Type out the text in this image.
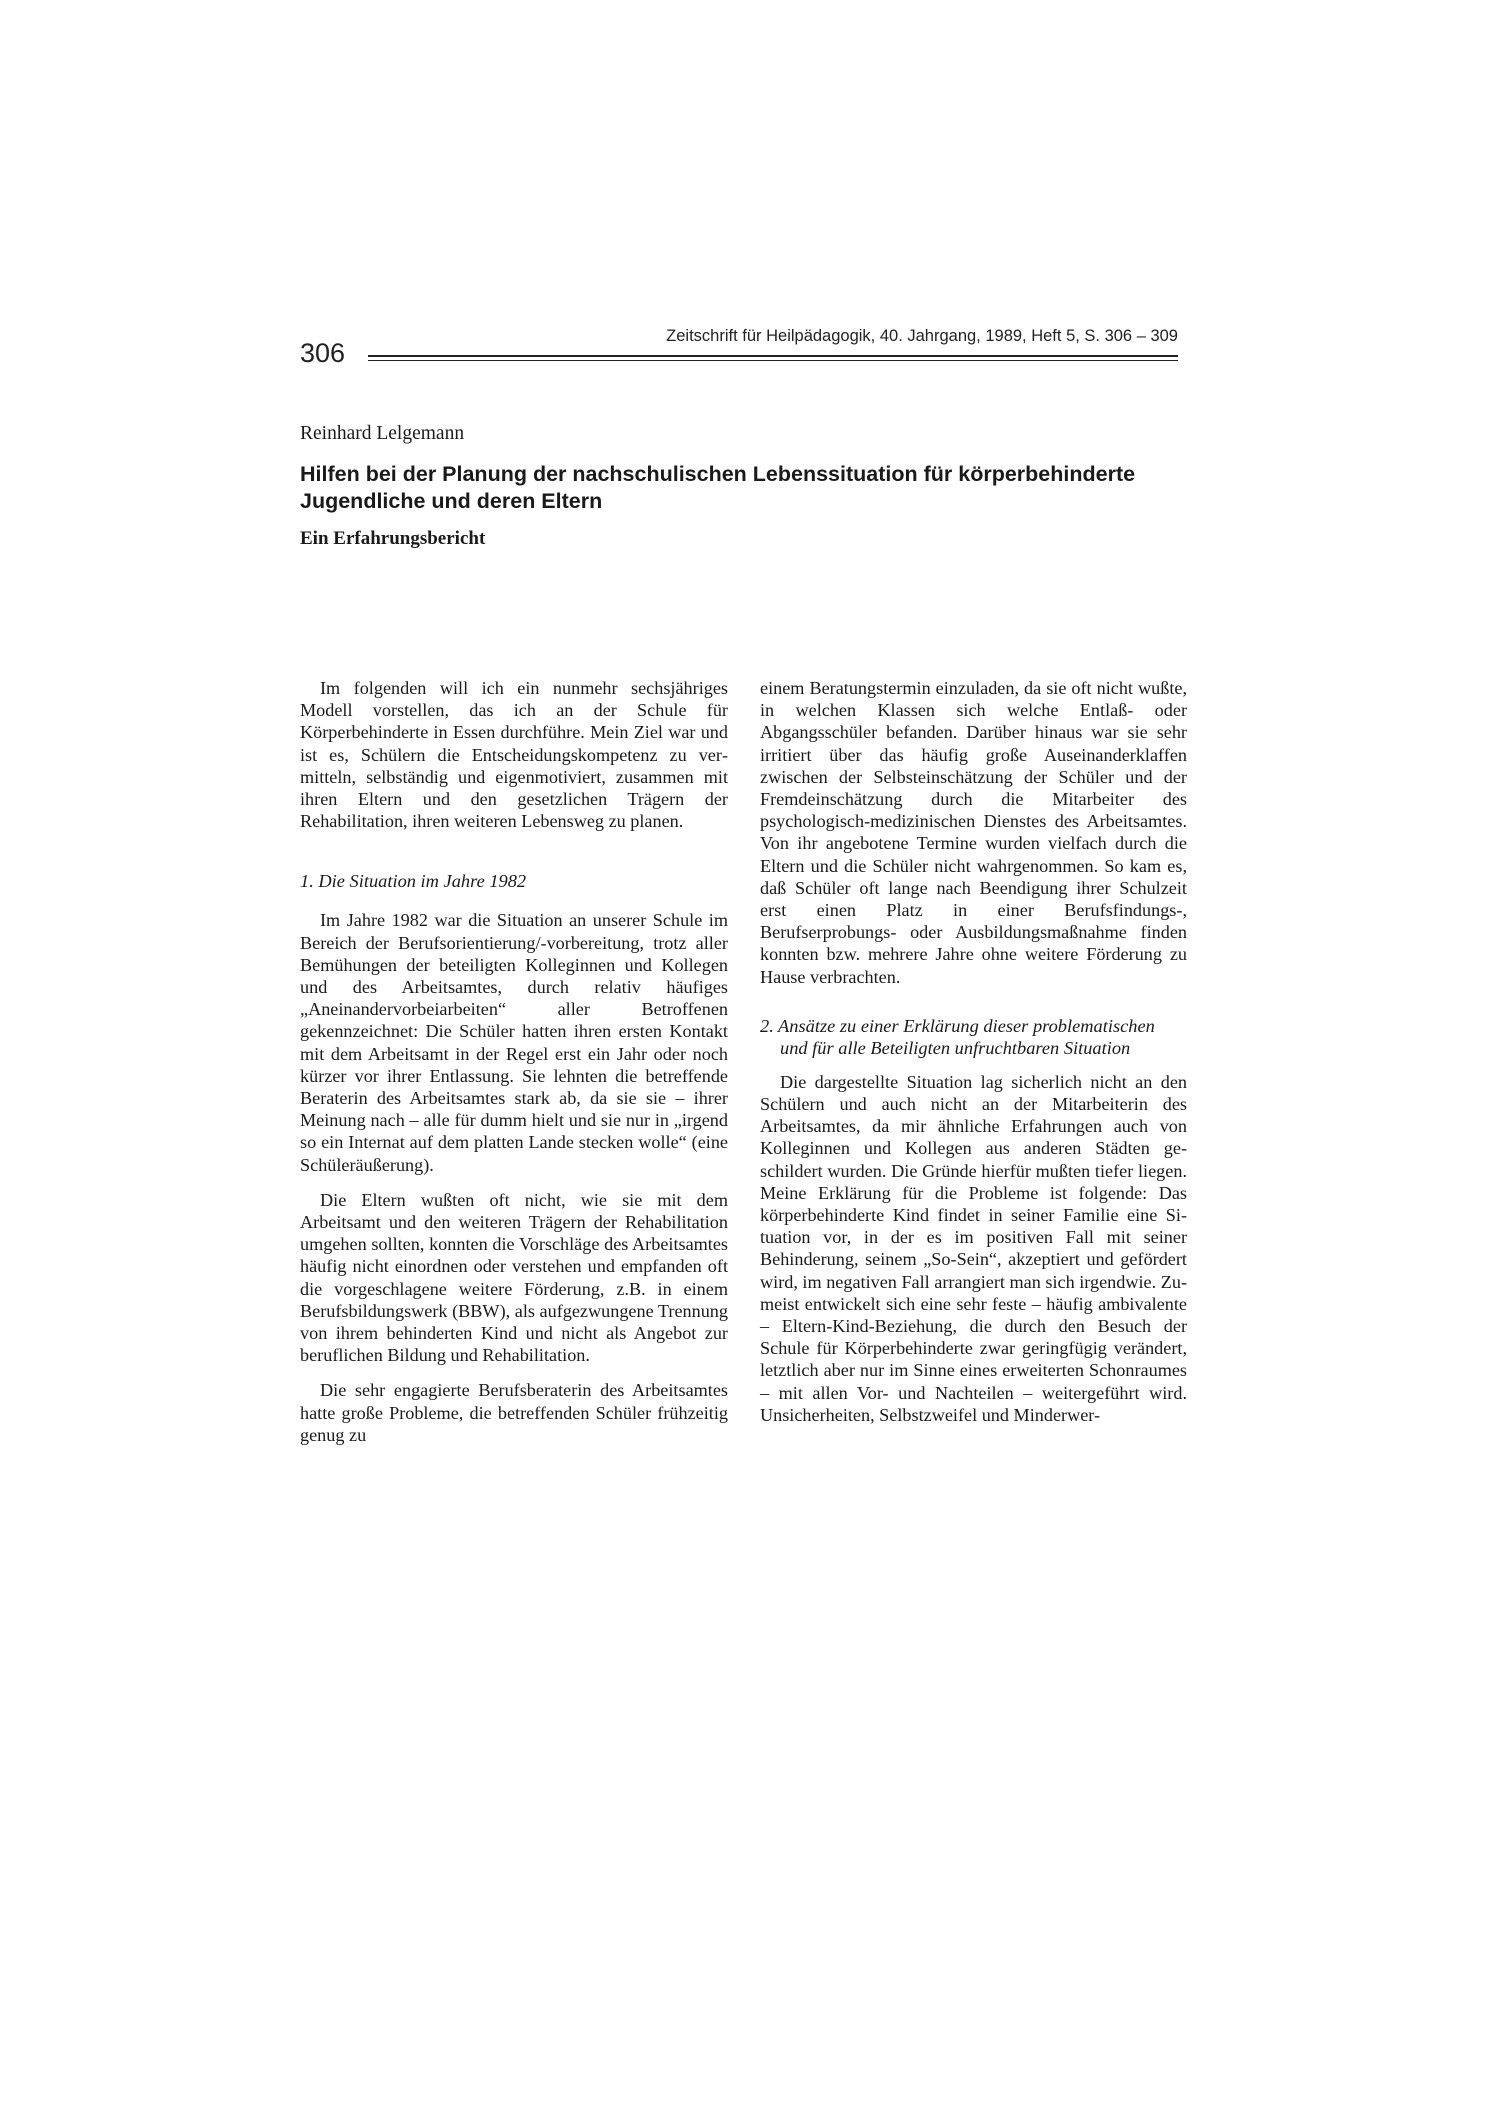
306
Zeitschrift für Heilpädagogik, 40. Jahrgang, 1989, Heft 5, S. 306 – 309
Reinhard Lelgemann
Hilfen bei der Planung der nachschulischen Lebenssituation für körperbehinderte Jugendliche und deren Eltern
Ein Erfahrungsbericht

Im folgenden will ich ein nunmehr sechsjähriges Modell vorstellen, das ich an der Schule für Körperbehinderte in Essen durchführe. Mein Ziel war und ist es, Schülern die Entscheidungskompetenz zu vermitteln, selbständig und eigenmotiviert, zusammen mit ihren Eltern und den gesetzlichen Trägern der Rehabilitation, ihren weiteren Lebensweg zu planen.

1. Die Situation im Jahre 1982

Im Jahre 1982 war die Situation an unserer Schule im Bereich der Berufsorientierung/-vorbereitung, trotz aller Bemühungen der beteiligten Kolleginnen und Kollegen und des Arbeitsamtes, durch relativ häufiges „Aneinandervorbeiarbeiten“ aller Betroffenen gekennzeichnet: Die Schüler hatten ihren ersten Kontakt mit dem Arbeitsamt in der Regel erst ein Jahr oder noch kürzer vor ihrer Entlassung. Sie lehnten die betreffende Beraterin des Arbeitsamtes stark ab, da sie sie – ihrer Meinung nach – alle für dumm hielt und sie nur in „irgend so ein Internat auf dem platten Lande stecken wolle“ (eine Schüleräußerung).

Die Eltern wußten oft nicht, wie sie mit dem Arbeitsamt und den weiteren Trägern der Rehabilitation umgehen sollten, konnten die Vorschläge des Arbeitsamtes häufig nicht einordnen oder verstehen und empfanden oft die vorgeschlagene weitere Förderung, z.B. in einem Berufsbildungswerk (BBW), als aufgezwungene Trennung von ihrem behinderten Kind und nicht als Angebot zur beruflichen Bildung und Rehabilitation.

Die sehr engagierte Berufsberaterin des Arbeitsamtes hatte große Probleme, die betreffenden Schüler frühzeitig genug zu

einem Beratungstermin einzuladen, da sie oft nicht wußte, in welchen Klassen sich welche Entlaß- oder Abgangsschüler befanden. Darüber hinaus war sie sehr irritiert über das häufig große Auseinanderklaffen zwischen der Selbsteinschätzung der Schüler und der Fremdeinschätzung durch die Mitarbeiter des psychologisch-medizinischen Dienstes des Arbeitsamtes. Von ihr angebotene Termine wurden vielfach durch die Eltern und die Schüler nicht wahrgenommen. So kam es, daß Schüler oft lange nach Beendigung ihrer Schulzeit erst einen Platz in einer Berufsfindungs-, Berufserprobungs- oder Ausbildungsmaßnahme finden konnten bzw. mehrere Jahre ohne weitere Förderung zu Hause verbrachten.

2. Ansätze zu einer Erklärung dieser problematischen und für alle Beteiligten unfruchtbaren Situation

Die dargestellte Situation lag sicherlich nicht an den Schülern und auch nicht an der Mitarbeiterin des Arbeitsamtes, da mir ähnliche Erfahrungen auch von Kolleginnen und Kollegen aus anderen Städten geschildert wurden. Die Gründe hierfür mußten tiefer liegen. Meine Erklärung für die Probleme ist folgende: Das körperbehinderte Kind findet in seiner Familie eine Situation vor, in der es im positiven Fall mit seiner Behinderung, seinem „So-Sein“, akzeptiert und gefördert wird, im negativen Fall arrangiert man sich irgendwie. Zumeist entwickelt sich eine sehr feste – häufig ambivalente – Eltern-Kind-Beziehung, die durch den Besuch der Schule für Körperbehinderte zwar geringfügig verändert, letztlich aber nur im Sinne eines erweiterten Schonraumes – mit allen Vor- und Nachteilen – weitergeführt wird. Unsicherheiten, Selbstzweifel und Minderwer-
